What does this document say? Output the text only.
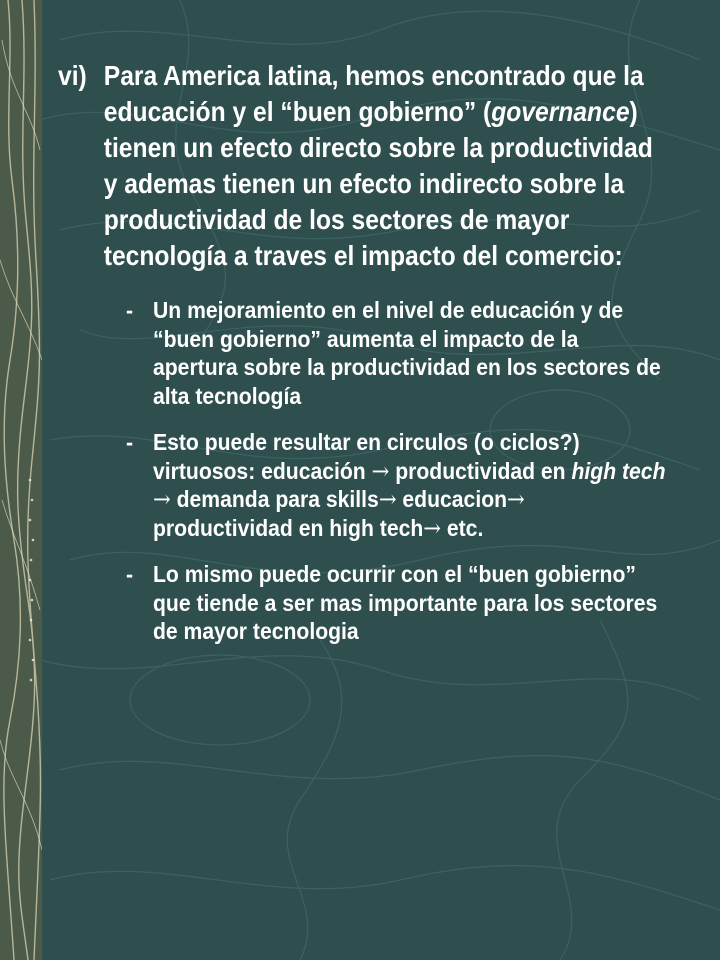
vi) Para America latina, hemos encontrado que la educación y el “buen gobierno” (governance) tienen un efecto directo sobre la productividad y ademas tienen un efecto indirecto sobre la productividad de los sectores de mayor tecnología a traves el impacto del comercio:
- Un mejoramiento en el nivel de educación y de “buen gobierno” aumenta el impacto de la apertura sobre la productividad en los sectores de alta tecnología
- Esto puede resultar en circulos (o ciclos?) virtuosos: educación → productividad en high tech → demanda para skills→ educacion→ productividad en high tech→ etc.
- Lo mismo puede ocurrir con el “buen gobierno” que tiende a ser mas importante para los sectores de mayor tecnologia
